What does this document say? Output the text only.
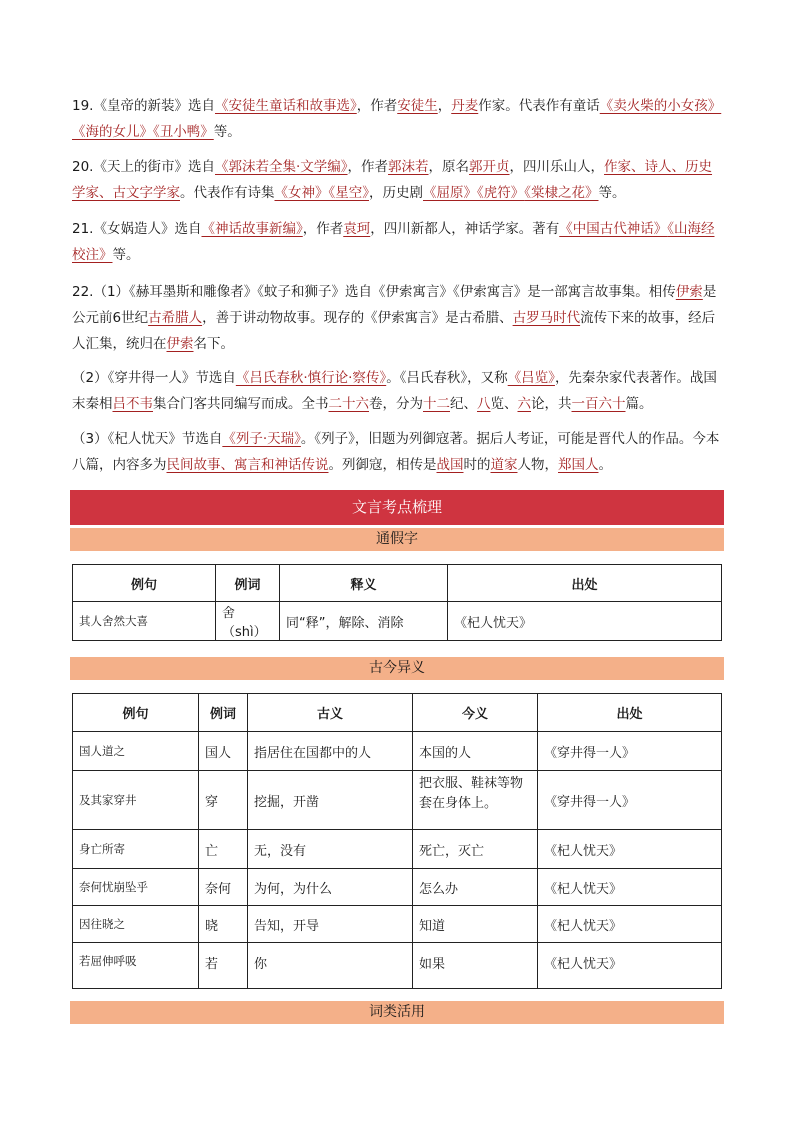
19.《皇帝的新装》选自《安徒生童话和故事选》，作者安徒生，丹麦作家。代表作有童话《卖火柴的小女孩》《海的女儿》《丑小鸭》等。

20.《天上的街市》选自《郭沫若全集·文学编》，作者郭沫若，原名郭开贞，四川乐山人，作家、诗人、历史学家、古文字学家。代表作有诗集《女神》《星空》，历史剧《屈原》《虎符》《棠棣之花》等。

21.《女娲造人》选自《神话故事新编》，作者袁珂，四川新都人，神话学家。著有《中国古代神话》《山海经校注》等。

22.（1）《赫耳墨斯和雕像者》《蚊子和狮子》选自《伊索寓言》《伊索寓言》是一部寓言故事集。相传伊索是公元前6世纪古希腊人，善于讲动物故事。现存的《伊索寓言》是古希腊、古罗马时代流传下来的故事，经后人汇集，统归在伊索名下。

（2）《穿井得一人》节选自《吕氏春秋·慎行论·察传》。《吕氏春秋》，又称《吕览》，先秦杂家代表著作。战国末秦相吕不韦集合门客共同编写而成。全书二十六卷，分为十二纪、八览、六论，共一百六十篇。

（3）《杞人忧天》节选自《列子·天瑞》。《列子》，旧题为列御寇著。据后人考证，可能是晋代人的作品。今本八篇，内容多为民间故事、寓言和神话传说。列御寇，相传是战国时的道家人物，郑国人。

文言考点梳理
通假字
例句	例词	释义	出处
其人舍然大喜	舍（shì）	同“释”，解除、消除	《杞人忧天》
古今异义
例句	例词	古义	今义	出处
国人道之	国人	指居住在国都中的人	本国的人	《穿井得一人》
及其家穿井	穿	挖掘，开凿	把衣服、鞋袜等物套在身体上。	《穿井得一人》
身亡所寄	亡	无，没有	死亡，灭亡	《杞人忧天》
奈何忧崩坠乎	奈何	为何，为什么	怎么办	《杞人忧天》
因往晓之	晓	告知，开导	知道	《杞人忧天》
若屈伸呼吸	若	你	如果	《杞人忧天》
词类活用
